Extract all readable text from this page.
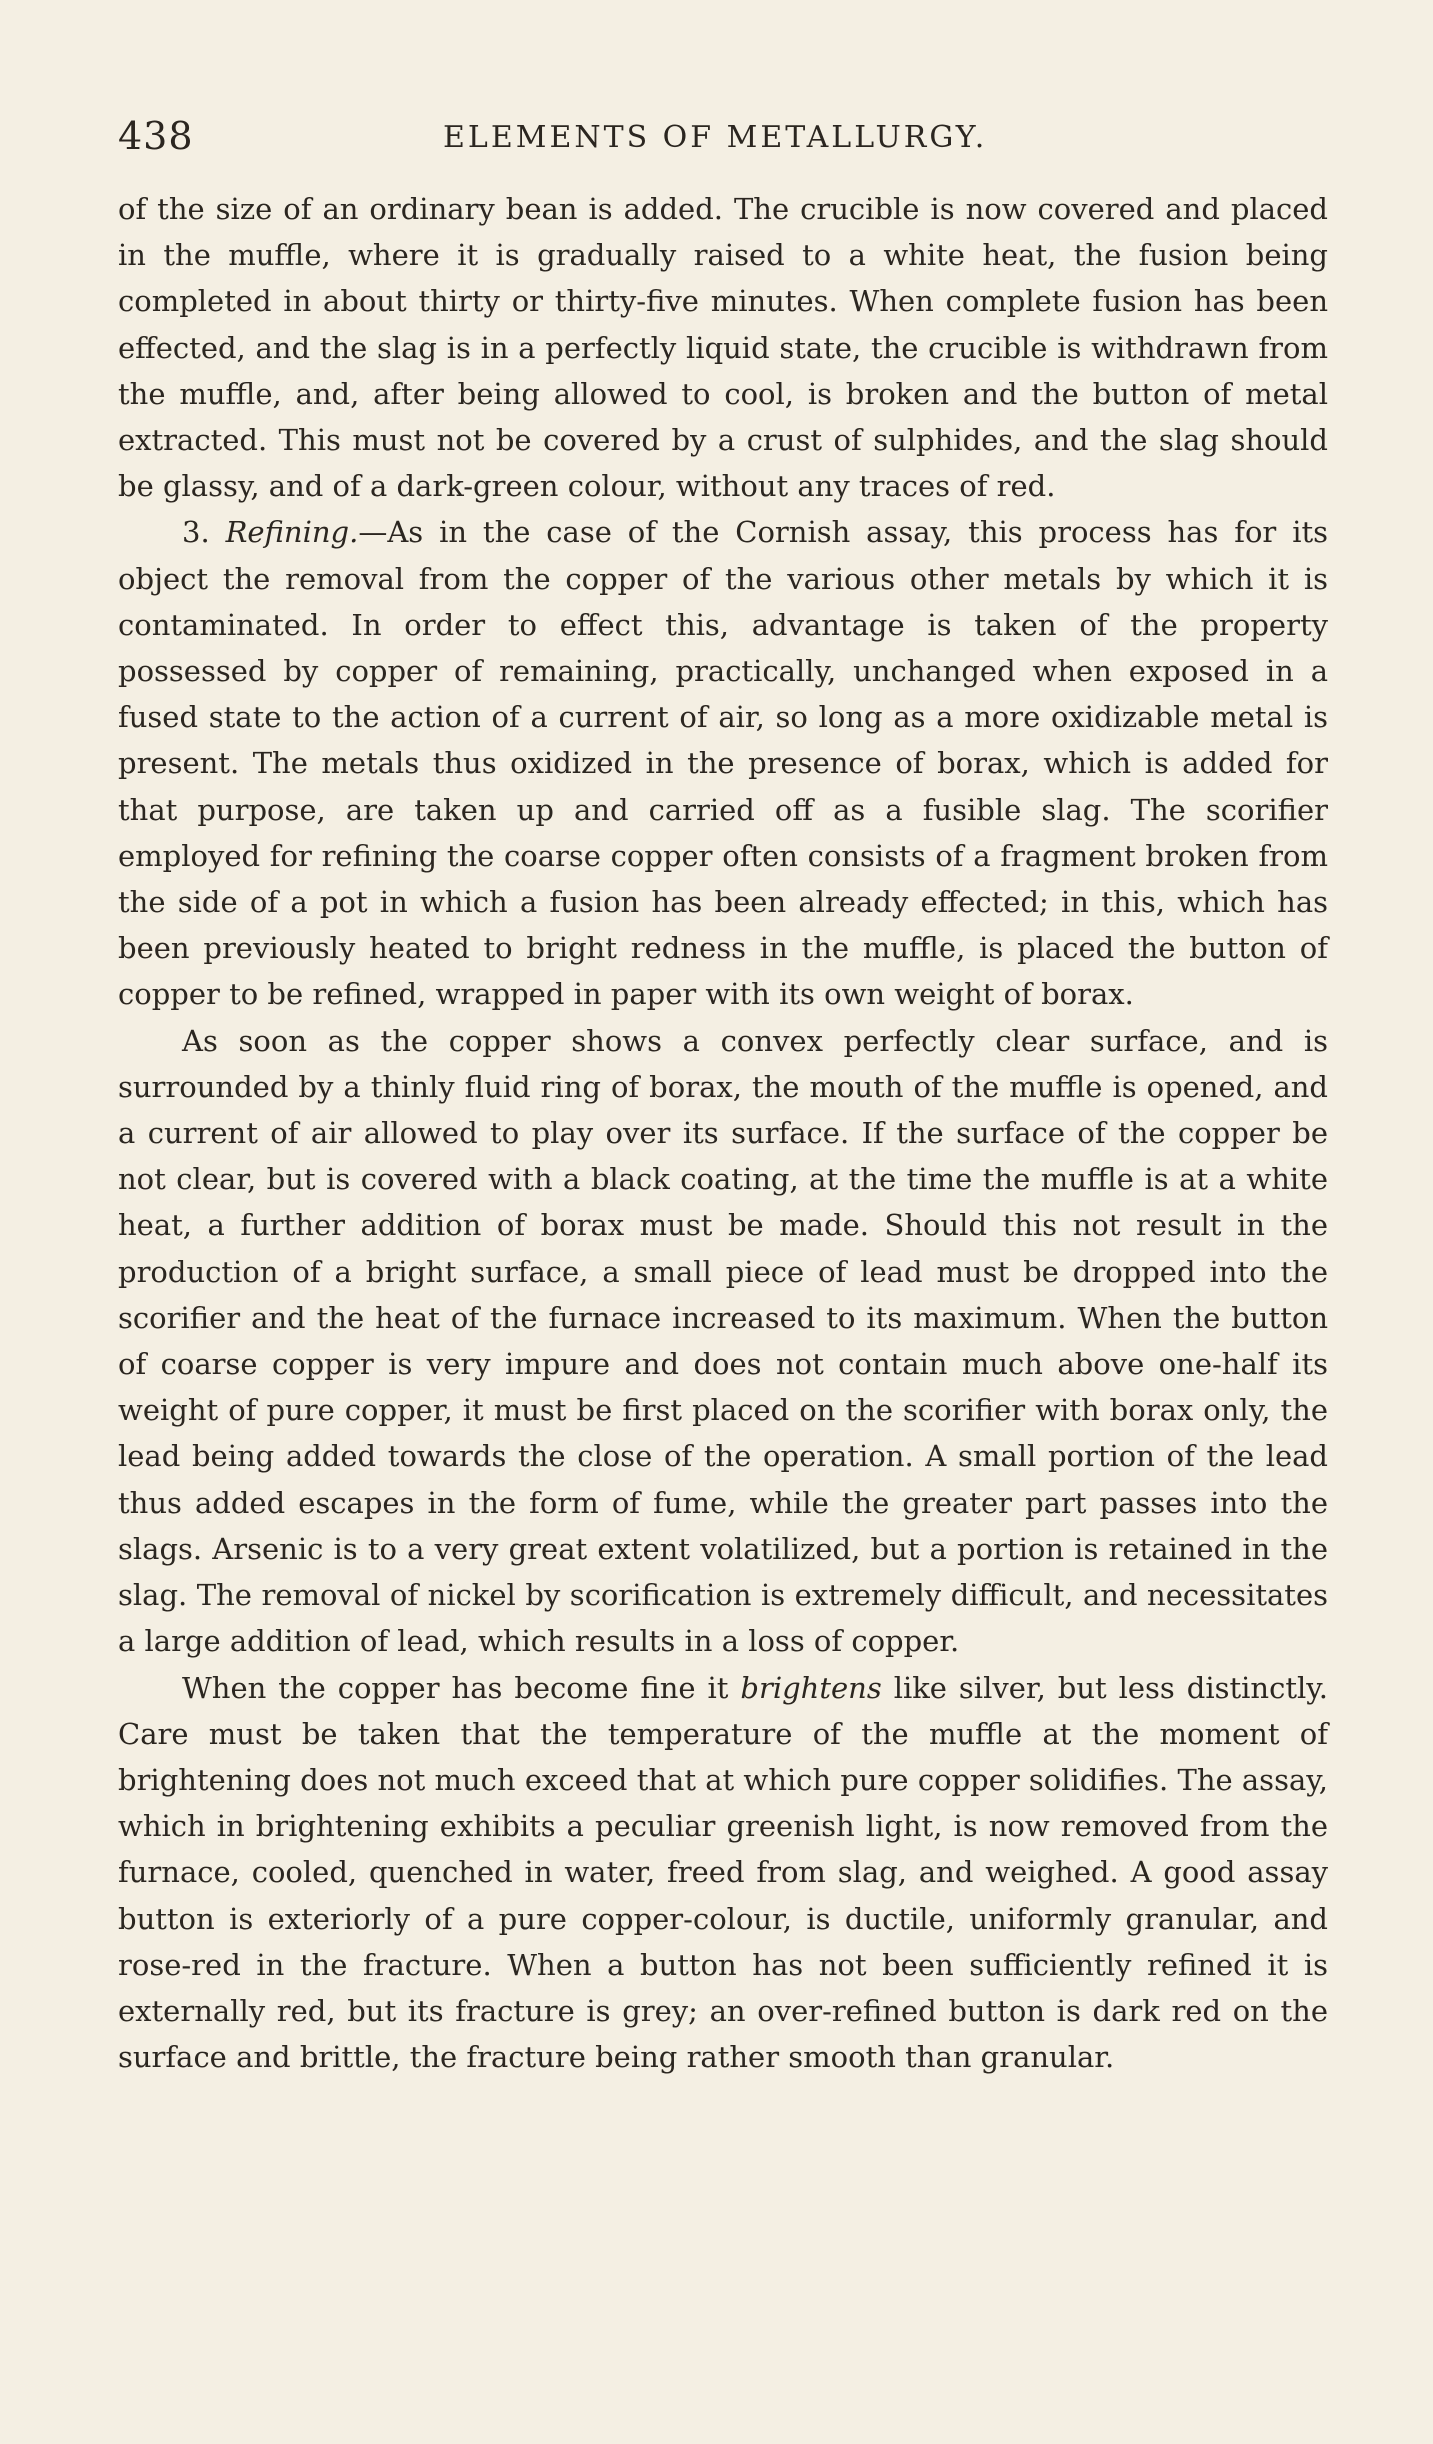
438	ELEMENTS OF METALLURGY.

of the size of an ordinary bean is added. The crucible is now covered and placed in the muffle, where it is gradually raised to a white heat, the fusion being completed in about thirty or thirty-five minutes. When complete fusion has been effected, and the slag is in a perfectly liquid state, the crucible is withdrawn from the muffle, and, after being allowed to cool, is broken and the button of metal extracted. This must not be covered by a crust of sulphides, and the slag should be glassy, and of a dark-green colour, without any traces of red.

3. Refining.—As in the case of the Cornish assay, this process has for its object the removal from the copper of the various other metals by which it is contaminated. In order to effect this, advantage is taken of the property possessed by copper of remaining, practically, unchanged when exposed in a fused state to the action of a current of air, so long as a more oxidizable metal is present. The metals thus oxidized in the presence of borax, which is added for that purpose, are taken up and carried off as a fusible slag. The scorifier employed for refining the coarse copper often consists of a fragment broken from the side of a pot in which a fusion has been already effected; in this, which has been previously heated to bright redness in the muffle, is placed the button of copper to be refined, wrapped in paper with its own weight of borax.

As soon as the copper shows a convex perfectly clear surface, and is surrounded by a thinly fluid ring of borax, the mouth of the muffle is opened, and a current of air allowed to play over its surface. If the surface of the copper be not clear, but is covered with a black coating, at the time the muffle is at a white heat, a further addition of borax must be made. Should this not result in the production of a bright surface, a small piece of lead must be dropped into the scorifier and the heat of the furnace increased to its maximum. When the button of coarse copper is very impure and does not contain much above one-half its weight of pure copper, it must be first placed on the scorifier with borax only, the lead being added towards the close of the operation. A small portion of the lead thus added escapes in the form of fume, while the greater part passes into the slags. Arsenic is to a very great extent volatilized, but a portion is retained in the slag. The removal of nickel by scorification is extremely difficult, and necessitates a large addition of lead, which results in a loss of copper.

When the copper has become fine it brightens like silver, but less distinctly. Care must be taken that the temperature of the muffle at the moment of brightening does not much exceed that at which pure copper solidifies. The assay, which in brightening exhibits a peculiar greenish light, is now removed from the furnace, cooled, quenched in water, freed from slag, and weighed. A good assay button is exteriorly of a pure copper-colour, is ductile, uniformly granular, and rose-red in the fracture. When a button has not been sufficiently refined it is externally red, but its fracture is grey; an over-refined button is dark red on the surface and brittle, the fracture being rather smooth than granular.
